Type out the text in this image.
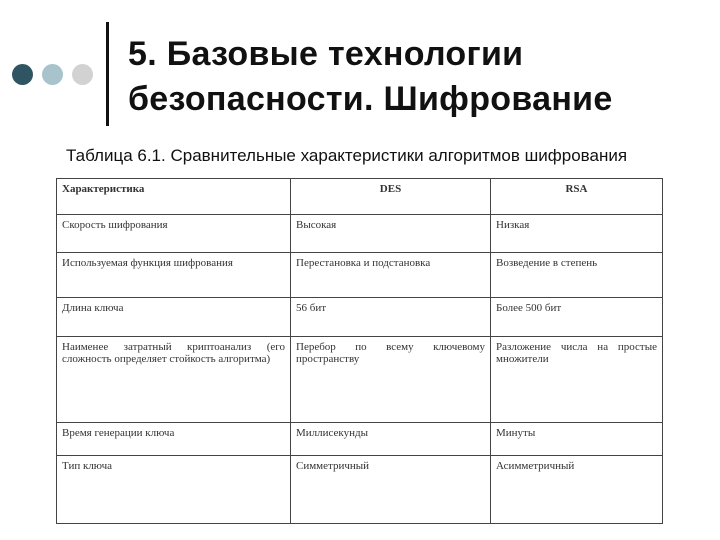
5. Базовые технологии
безопасности. Шифрование
Таблица 6.1. Сравнительные характеристики алгоритмов шифрования
Характеристика	DES	RSA
Скорость шифрования	Высокая	Низкая
Используемая функция шифрования	Перестановка и подстановка	Возведение в степень
Длина ключа	56 бит	Более 500 бит
Наименее затратный криптоанализ (его сложность определяет стойкость алгоритма)	Перебор по всему ключевому пространству	Разложение числа на простые множители
Время генерации ключа	Миллисекунды	Минуты
Тип ключа	Симметричный	Асимметричный
